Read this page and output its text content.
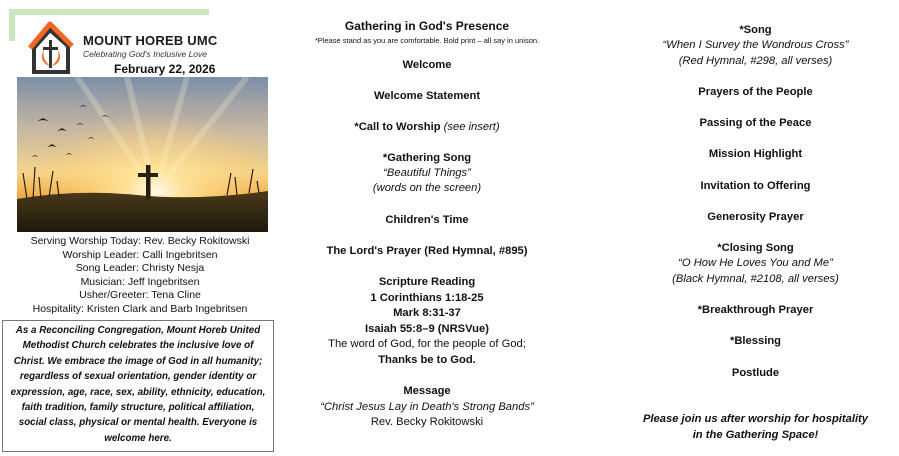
MOUNT HOREB UMC
Celebrating God's Inclusive Love
February 22, 2026
Serving Worship Today: Rev. Becky Rokitowski
Worship Leader: Calli Ingebritsen
Song Leader: Christy Nesja
Musician: Jeff Ingebritsen
Usher/Greeter: Tena Cline
Hospitality: Kristen Clark and Barb Ingebritsen
As a Reconciling Congregation, Mount Horeb United Methodist Church celebrates the inclusive love of Christ. We embrace the image of God in all humanity; regardless of sexual orientation, gender identity or expression, age, race, sex, ability, ethnicity, education, faith tradition, family structure, political affiliation, social class, physical or mental health. Everyone is welcome here.
Gathering in God's Presence
*Please stand as you are comfortable. Bold print – all say in unison.
Welcome
Welcome Statement
*Call to Worship (see insert)
*Gathering Song
“Beautiful Things”
(words on the screen)
Children's Time
The Lord's Prayer (Red Hymnal, #895)
Scripture Reading
1 Corinthians 1:18-25
Mark 8:31-37
Isaiah 55:8–9 (NRSVue)
The word of God, for the people of God;
Thanks be to God.
Message
“Christ Jesus Lay in Death's Strong Bands”
Rev. Becky Rokitowski
*Song
“When I Survey the Wondrous Cross”
(Red Hymnal, #298, all verses)
Prayers of the People
Passing of the Peace
Mission Highlight
Invitation to Offering
Generosity Prayer
*Closing Song
“O How He Loves You and Me”
(Black Hymnal, #2108, all verses)
*Breakthrough Prayer
*Blessing
Postlude
Please join us after worship for hospitality
in the Gathering Space!
